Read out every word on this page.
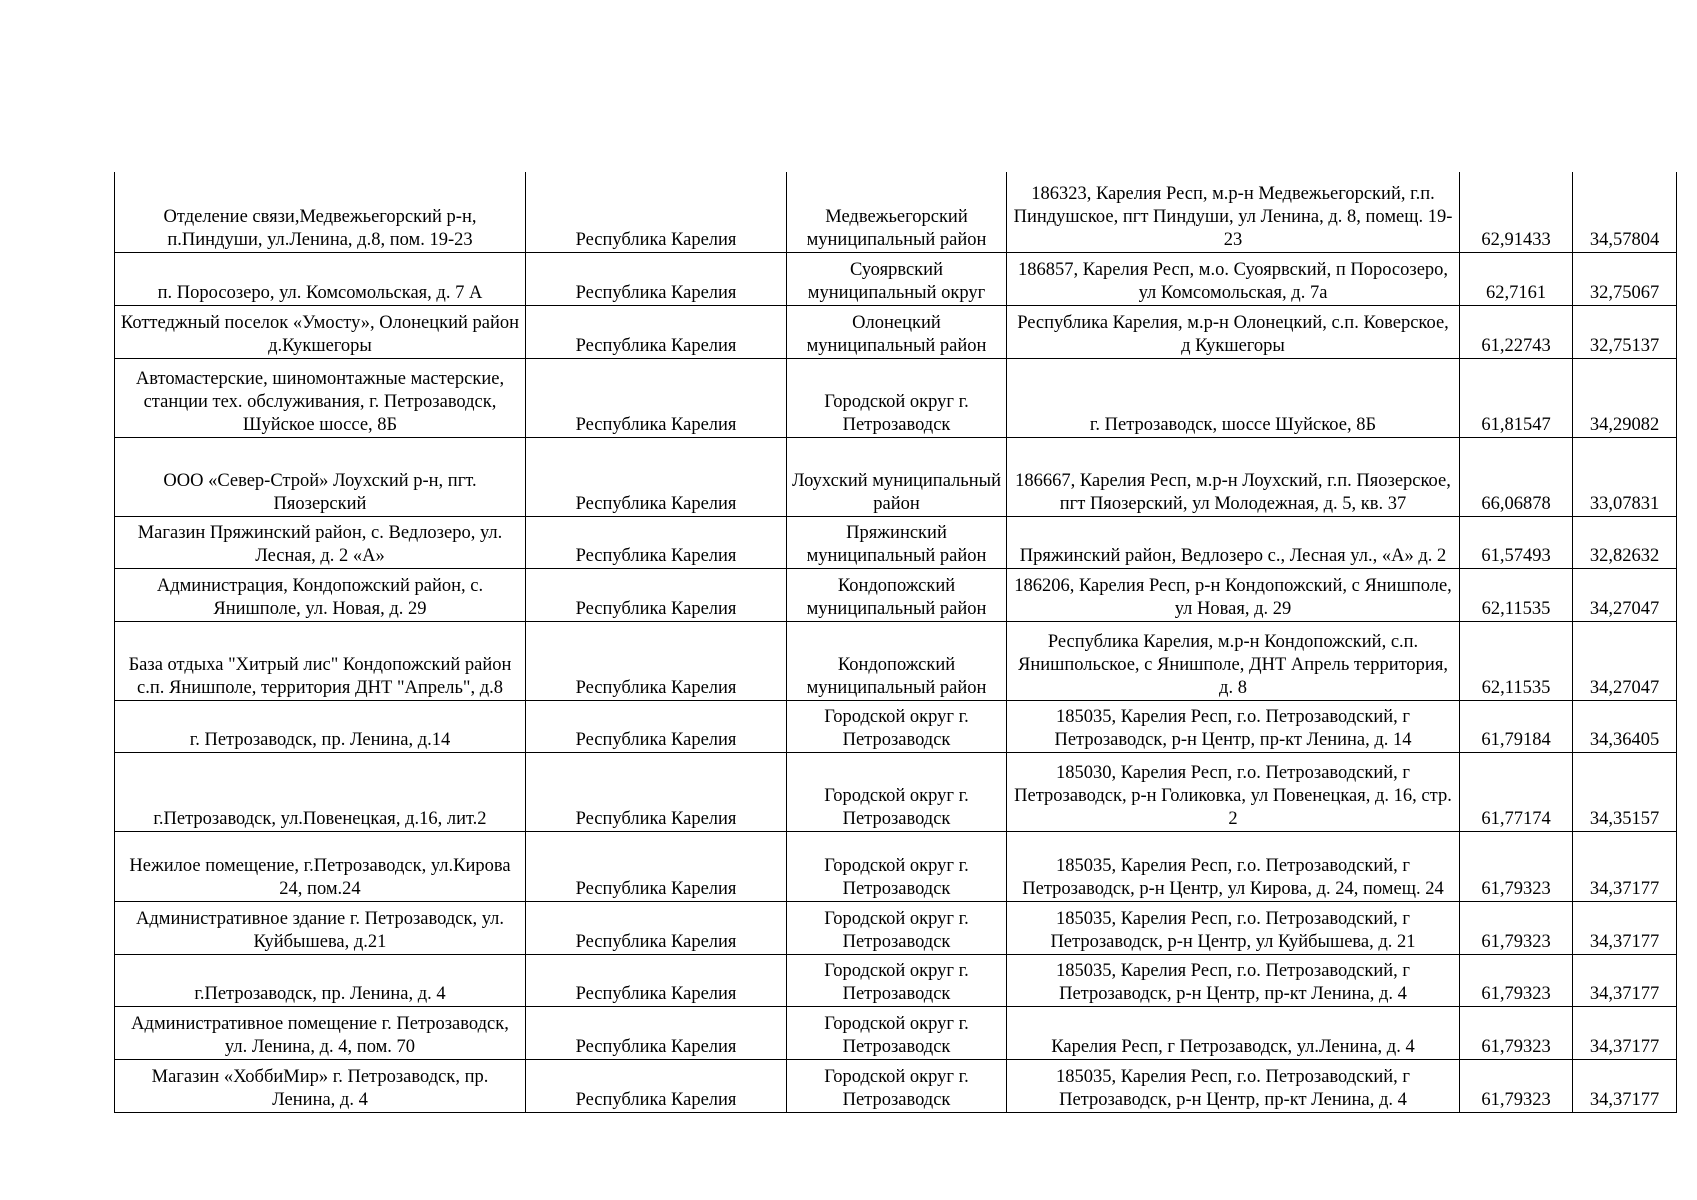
Отделение связи,Медвежьегорский р-н, п.Пиндуши, ул.Ленина, д.8, пом. 19-23	Республика Карелия	Медвежьегорский муниципальный район	186323, Карелия Респ, м.р-н Медвежьегорский, г.п. Пиндушское, пгт Пиндуши, ул Ленина, д. 8, помещ. 19-23	62,91433	34,57804
п. Поросозеро, ул. Комсомольская, д. 7 А	Республика Карелия	Суоярвский муниципальный округ	186857, Карелия Респ, м.о. Суоярвский, п Поросозеро, ул Комсомольская, д. 7а	62,7161	32,75067
Коттеджный поселок «Умосту», Олонецкий район д.Кукшегоры	Республика Карелия	Олонецкий муниципальный район	Республика Карелия, м.р-н Олонецкий, с.п. Коверское, д Кукшегоры	61,22743	32,75137
Автомастерские, шиномонтажные мастерские, станции тех. обслуживания, г. Петрозаводск, Шуйское шоссе, 8Б	Республика Карелия	Городской округ г. Петрозаводск	г. Петрозаводск, шоссе Шуйское, 8Б	61,81547	34,29082
ООО «Север-Строй» Лоухский р-н, пгт. Пяозерский	Республика Карелия	Лоухский муниципальный район	186667, Карелия Респ, м.р-н Лоухский, г.п. Пяозерское, пгт Пяозерский, ул Молодежная, д. 5, кв. 37	66,06878	33,07831
Магазин Пряжинский район, с. Ведлозеро, ул. Лесная, д. 2 «А»	Республика Карелия	Пряжинский муниципальный район	Пряжинский район, Ведлозеро с., Лесная ул., «А» д. 2	61,57493	32,82632
Администрация, Кондопожский район, с. Янишполе, ул. Новая, д. 29	Республика Карелия	Кондопожский муниципальный район	186206, Карелия Респ, р-н Кондопожский, с Янишполе, ул Новая, д. 29	62,11535	34,27047
База отдыха "Хитрый лис" Кондопожский район с.п. Янишполе, территория ДНТ "Апрель", д.8	Республика Карелия	Кондопожский муниципальный район	Республика Карелия, м.р-н Кондопожский, с.п. Янишпольское, с Янишполе, ДНТ Апрель территория, д. 8	62,11535	34,27047
г. Петрозаводск, пр. Ленина, д.14	Республика Карелия	Городской округ г. Петрозаводск	185035, Карелия Респ, г.о. Петрозаводский, г Петрозаводск, р-н Центр, пр-кт Ленина, д. 14	61,79184	34,36405
г.Петрозаводск, ул.Повенецкая, д.16, лит.2	Республика Карелия	Городской округ г. Петрозаводск	185030, Карелия Респ, г.о. Петрозаводский, г Петрозаводск, р-н Голиковка, ул Повенецкая, д. 16, стр. 2	61,77174	34,35157
Нежилое помещение, г.Петрозаводск, ул.Кирова 24, пом.24	Республика Карелия	Городской округ г. Петрозаводск	185035, Карелия Респ, г.о. Петрозаводский, г Петрозаводск, р-н Центр, ул Кирова, д. 24, помещ. 24	61,79323	34,37177
Административное здание г. Петрозаводск, ул. Куйбышева, д.21	Республика Карелия	Городской округ г. Петрозаводск	185035, Карелия Респ, г.о. Петрозаводский, г Петрозаводск, р-н Центр, ул Куйбышева, д. 21	61,79323	34,37177
г.Петрозаводск, пр. Ленина, д. 4	Республика Карелия	Городской округ г. Петрозаводск	185035, Карелия Респ, г.о. Петрозаводский, г Петрозаводск, р-н Центр, пр-кт Ленина, д. 4	61,79323	34,37177
Административное помещение г. Петрозаводск, ул. Ленина, д. 4, пом. 70	Республика Карелия	Городской округ г. Петрозаводск	Карелия Респ, г Петрозаводск, ул.Ленина, д. 4	61,79323	34,37177
Магазин «ХоббиМир» г. Петрозаводск, пр. Ленина, д. 4	Республика Карелия	Городской округ г. Петрозаводск	185035, Карелия Респ, г.о. Петрозаводский, г Петрозаводск, р-н Центр, пр-кт Ленина, д. 4	61,79323	34,37177
